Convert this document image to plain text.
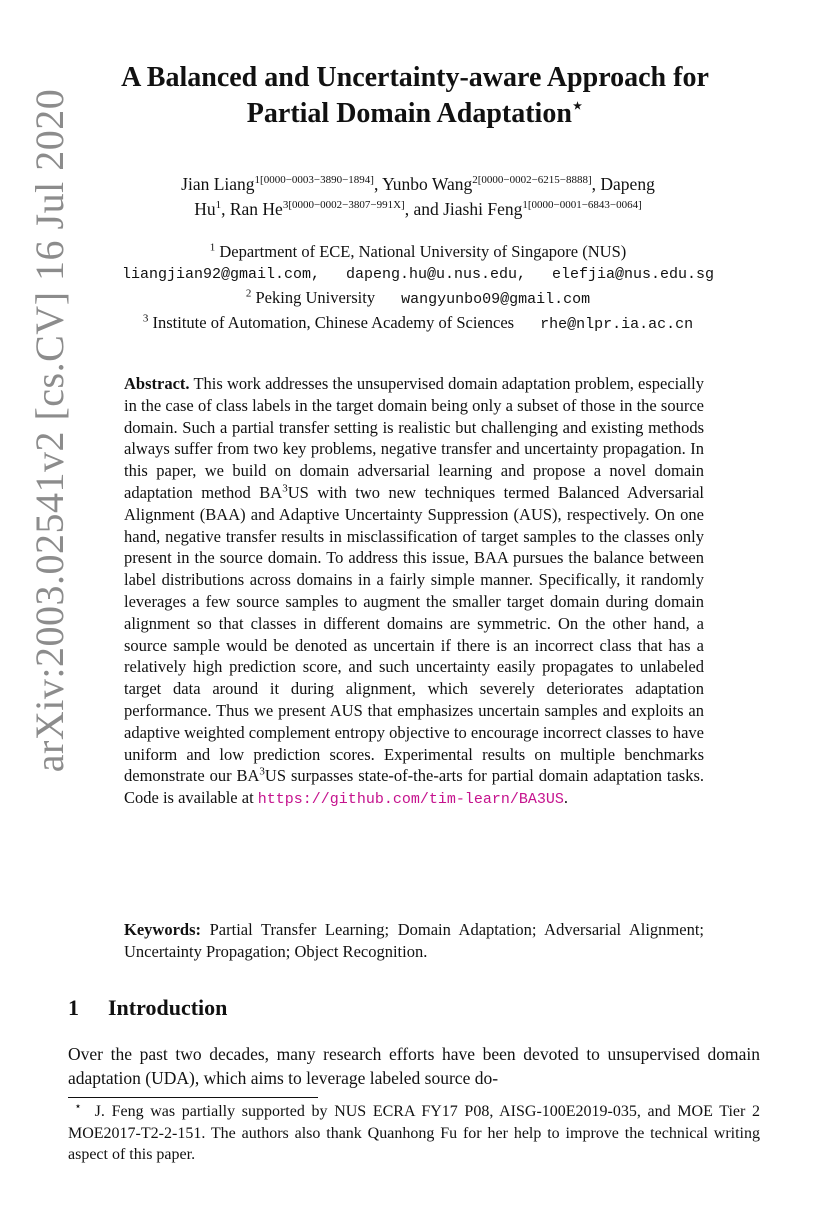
arXiv:2003.02541v2 [cs.CV] 16 Jul 2020
A Balanced and Uncertainty-aware Approach for
Partial Domain Adaptation⋆
Jian Liang$^{1[0000-0003-3890-1894]}$, Yunbo Wang$^{2[0000-0002-6215-8888]}$, Dapeng
Hu$^1$, Ran $He^{3[0000-0002-3807-991X]}$, and Jiashi Feng$^{1[0000-0001-6843-0064]}$
$^1$ Department of ECE, National University of Singapore (NUS)
liangjian92@gmail.com, dapeng.hu@u.nus.edu, elefjia@nus.edu.sg
$^2$ Peking University wangyunbo09@gmail.com
$^3$ Institute of Automation, Chinese Academy of Sciences rhe@nlpr.ia.ac.cn
Abstract. This work addresses the unsupervised domain adaptation problem, especially in the case of class labels in the target domain being only a subset of those in the source domain. Such a partial transfer setting is realistic but challenging and existing methods always suffer from two key problems, negative transfer and uncertainty propagation. In this paper, we build on domain adversarial learning and propose a novel domain adaptation method $BA^3US$ with two new techniques termed Balanced Adversarial Alignment (BAA) and Adaptive Uncertainty Suppression (AUS), respectively. On one hand, negative transfer results in misclassification of target samples to the classes only present in the source domain. To address this issue, BAA pursues the balance between label distributions across domains in a fairly simple manner. Specifically, it randomly leverages a few source samples to augment the smaller target domain during domain alignment so that classes in different domains are symmetric. On the other hand, a source sample would be denoted as uncertain if there is an incorrect class that has a relatively high prediction score, and such uncertainty easily propagates to unlabeled target data around it during alignment, which severely deteriorates adaptation performance. Thus we present AUS that emphasizes uncertain samples and exploits an adaptive weighted complement entropy objective to encourage incorrect classes to have uniform and low prediction scores. Experimental results on multiple benchmarks demonstrate our $BA^3US$ surpasses state-of-the-arts for partial domain adaptation tasks. Code is available at https://github.com/tim-learn/BA3US.
Keywords: Partial Transfer Learning; Domain Adaptation; Adversarial Alignment; Uncertainty Propagation; Object Recognition.
1 Introduction
Over the past two decades, many research efforts have been devoted to unsupervised domain adaptation (UDA), which aims to leverage labeled source do-
⋆ J. Feng was partially supported by NUS ECRA FY17 P08, AISG-100E2019-035, and MOE Tier 2 MOE2017-T2-2-151. The authors also thank Quanhong Fu for her help to improve the technical writing aspect of this paper.
